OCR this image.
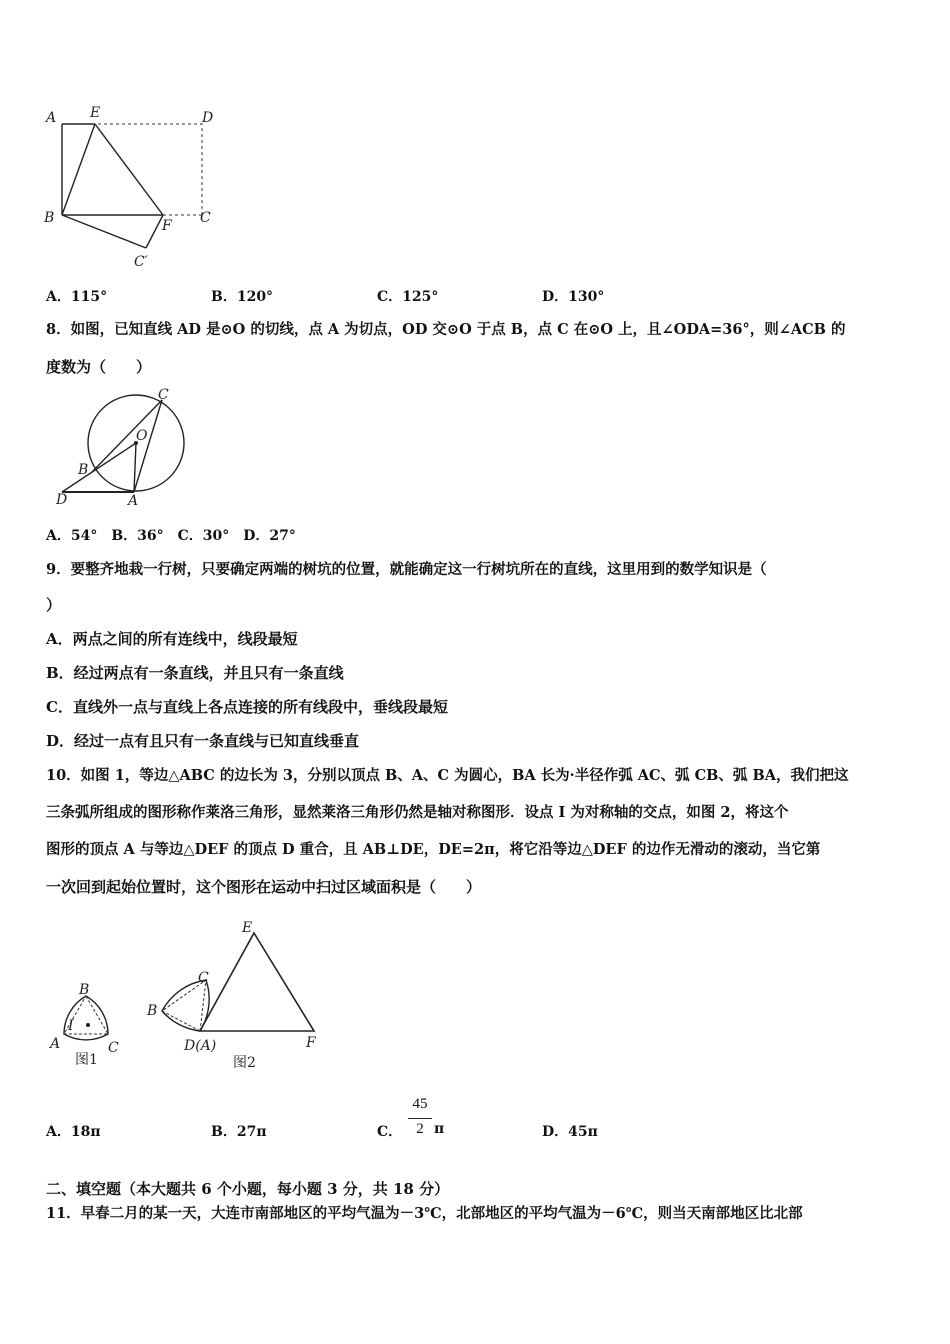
A E	D
B	F C
C′
A．115°	B．120°	C．125°	D．130°
8．如图，已知直线 AD 是⊙O 的切线，点 A 为切点，OD 交⊙O 于点 B，点 C 在⊙O 上，且∠ODA=36°，则∠ACB 的
度数为（　　）
C
O
B
D	A
A．54°　B．36°　C．30°　D．27°
9．要整齐地栽一行树，只要确定两端的树坑的位置，就能确定这一行树坑所在的直线，这里用到的数学知识是（
）
A．两点之间的所有连线中，线段最短
B．经过两点有一条直线，并且只有一条直线
C．直线外一点与直线上各点连接的所有线段中，垂线段最短
D．经过一点有且只有一条直线与已知直线垂直
10．如图 1，等边△ABC 的边长为 3，分别以顶点 B、A、C 为圆心，BA 长为·半径作弧 AC、弧 CB、弧 BA，我们把这
三条弧所组成的图形称作莱洛三角形，显然莱洛三角形仍然是轴对称图形．设点 I 为对称轴的交点，如图 2，将这个
图形的顶点 A 与等边△DEF 的顶点 D 重合，且 AB⊥DE，DE=2π，将它沿等边△DEF 的边作无滑动的滚动，当它第
一次回到起始位置时，这个图形在运动中扫过区域面积是（　　）
B
I
A	C
图1
E
C
B
D(A)	F
图2
A．18π	B．27π	C．
45
2 π	D．45π
二、填空题（本大题共 6 个小题，每小题 3 分，共 18 分）
11．早春二月的某一天，大连市南部地区的平均气温为－3℃，北部地区的平均气温为－6℃，则当天南部地区比北部
